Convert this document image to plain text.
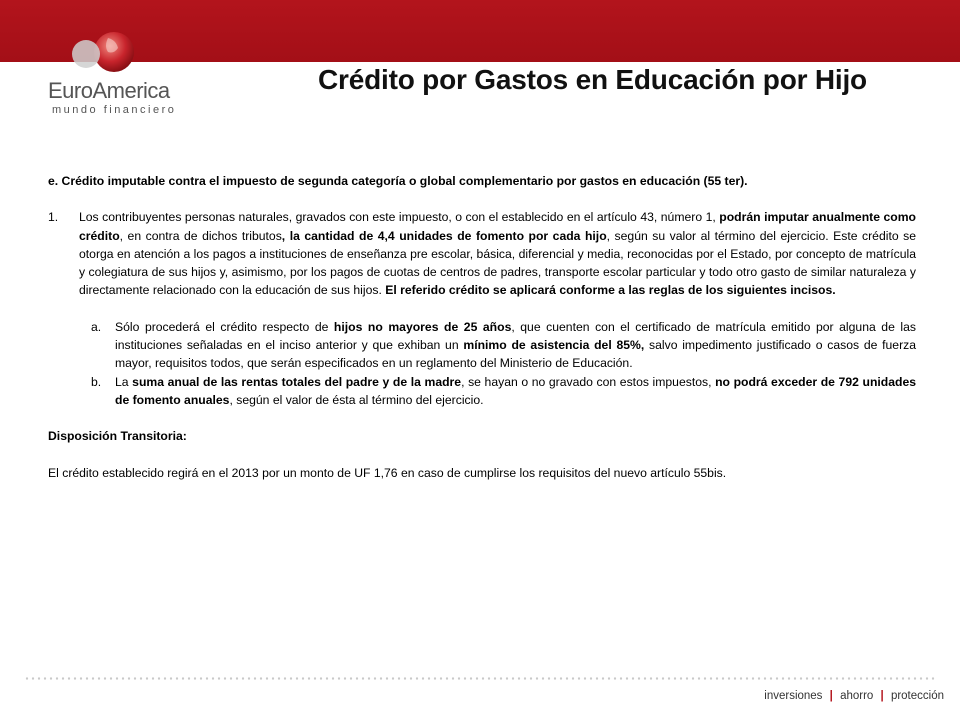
EuroAmerica
mundo financiero
Crédito por Gastos en Educación por Hijo

e. Crédito imputable contra el impuesto de segunda categoría o global complementario por gastos en educación (55 ter).

1.	Los contribuyentes personas naturales, gravados con este impuesto, o con el establecido en el artículo 43, número 1, podrán imputar anualmente como crédito, en contra de dichos tributos, la cantidad de 4,4 unidades de fomento por cada hijo, según su valor al término del ejercicio. Este crédito se otorga en atención a los pagos a instituciones de enseñanza pre escolar, básica, diferencial y media, reconocidas por el Estado, por concepto de matrícula y colegiatura de sus hijos y, asimismo, por los pagos de cuotas de centros de padres, transporte escolar particular y todo otro gasto de similar naturaleza y directamente relacionado con la educación de sus hijos. El referido crédito se aplicará conforme a las reglas de los siguientes incisos.

a.	Sólo procederá el crédito respecto de hijos no mayores de 25 años, que cuenten con el certificado de matrícula emitido por alguna de las instituciones señaladas en el inciso anterior y que exhiban un mínimo de asistencia del 85%, salvo impedimento justificado o casos de fuerza mayor, requisitos todos, que serán especificados en un reglamento del Ministerio de Educación.

b.	La suma anual de las rentas totales del padre y de la madre, se hayan o no gravado con estos impuestos, no podrá exceder de 792 unidades de fomento anuales, según el valor de ésta al término del ejercicio.

Disposición Transitoria:

El crédito establecido regirá en el 2013 por un monto de UF 1,76 en caso de cumplirse los requisitos del nuevo artículo 55bis.

inversiones | ahorro | protección
